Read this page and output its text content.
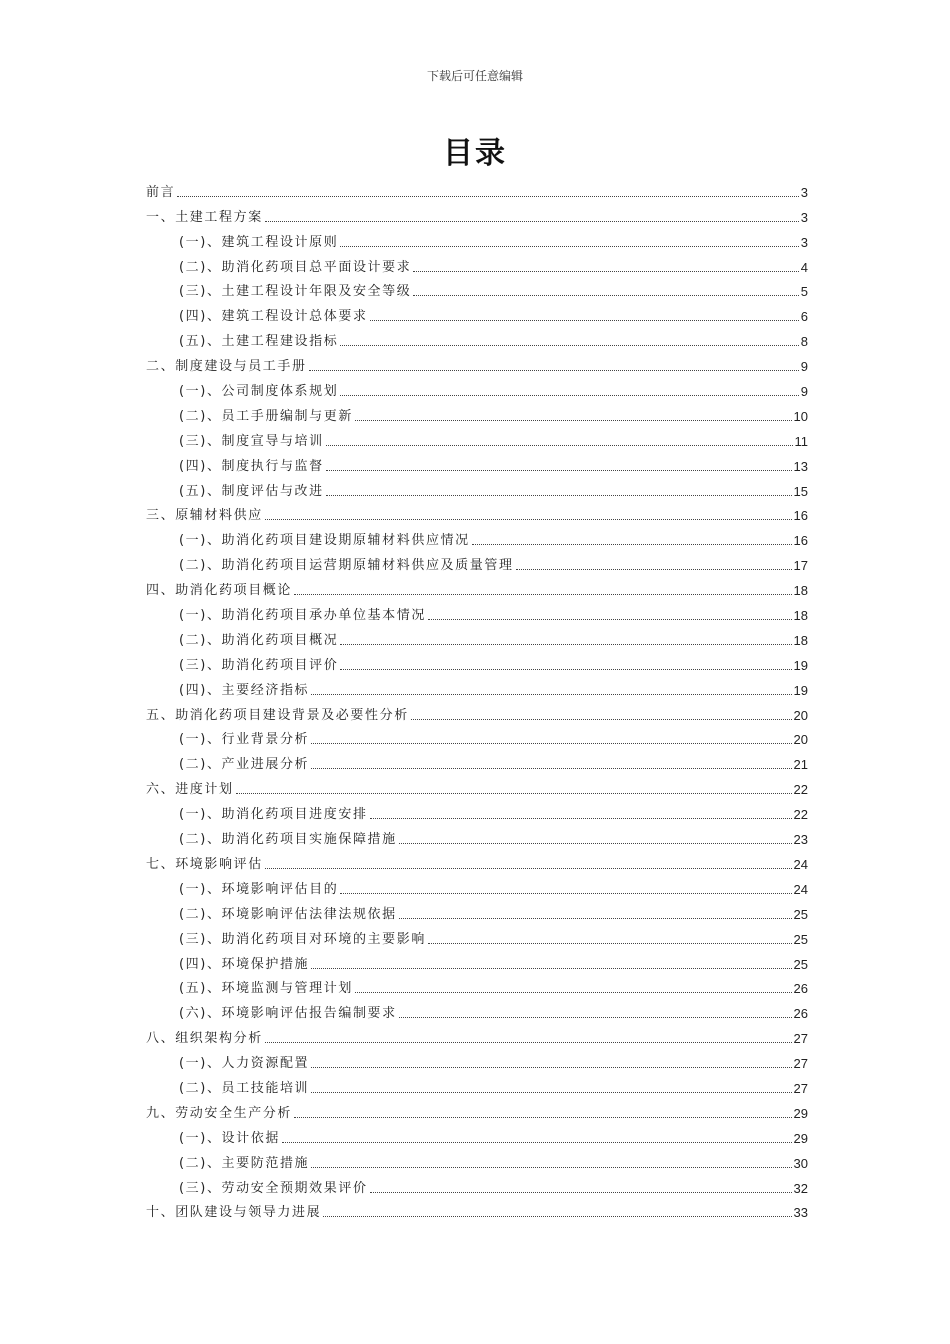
下载后可任意编辑
目录
前言	3
一、土建工程方案	3
(一)、建筑工程设计原则	3
(二)、助消化药项目总平面设计要求	4
(三)、土建工程设计年限及安全等级	5
(四)、建筑工程设计总体要求	6
(五)、土建工程建设指标	8
二、制度建设与员工手册	9
(一)、公司制度体系规划	9
(二)、员工手册编制与更新	10
(三)、制度宣导与培训	11
(四)、制度执行与监督	13
(五)、制度评估与改进	15
三、原辅材料供应	16
(一)、助消化药项目建设期原辅材料供应情况	16
(二)、助消化药项目运营期原辅材料供应及质量管理	17
四、助消化药项目概论	18
(一)、助消化药项目承办单位基本情况	18
(二)、助消化药项目概况	18
(三)、助消化药项目评价	19
(四)、主要经济指标	19
五、助消化药项目建设背景及必要性分析	20
(一)、行业背景分析	20
(二)、产业进展分析	21
六、进度计划	22
(一)、助消化药项目进度安排	22
(二)、助消化药项目实施保障措施	23
七、环境影响评估	24
(一)、环境影响评估目的	24
(二)、环境影响评估法律法规依据	25
(三)、助消化药项目对环境的主要影响	25
(四)、环境保护措施	25
(五)、环境监测与管理计划	26
(六)、环境影响评估报告编制要求	26
八、组织架构分析	27
(一)、人力资源配置	27
(二)、员工技能培训	27
九、劳动安全生产分析	29
(一)、设计依据	29
(二)、主要防范措施	30
(三)、劳动安全预期效果评价	32
十、团队建设与领导力进展	33
